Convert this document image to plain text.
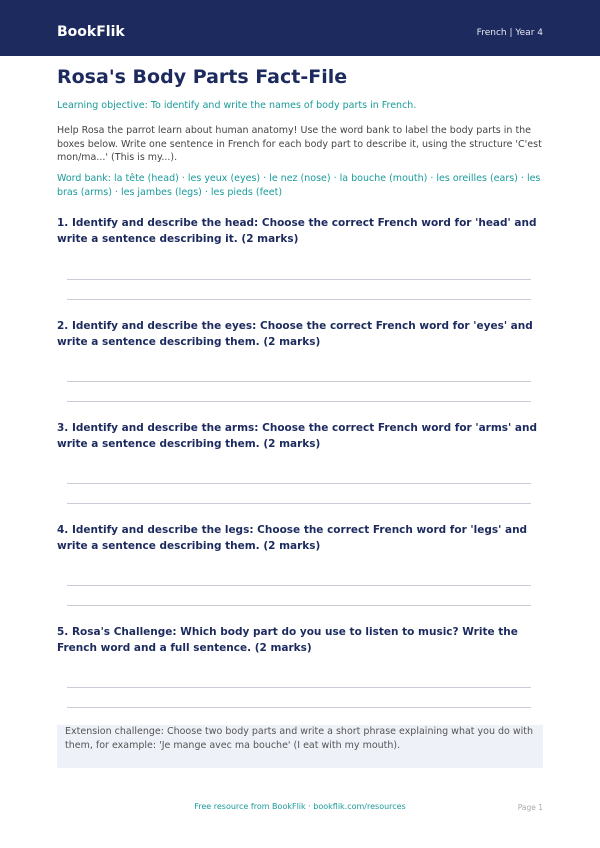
BookFlik	French | Year 4
Rosa's Body Parts Fact-File
Learning objective: To identify and write the names of body parts in French.
Help Rosa the parrot learn about human anatomy! Use the word bank to label the body parts in the boxes below. Write one sentence in French for each body part to describe it, using the structure 'C'est mon/ma...' (This is my...).
Word bank: la tête (head) · les yeux (eyes) · le nez (nose) · la bouche (mouth) · les oreilles (ears) · les bras (arms) · les jambes (legs) · les pieds (feet)
1. Identify and describe the head: Choose the correct French word for 'head' and write a sentence describing it. (2 marks)
2. Identify and describe the eyes: Choose the correct French word for 'eyes' and write a sentence describing them. (2 marks)
3. Identify and describe the arms: Choose the correct French word for 'arms' and write a sentence describing them. (2 marks)
4. Identify and describe the legs: Choose the correct French word for 'legs' and write a sentence describing them. (2 marks)
5. Rosa's Challenge: Which body part do you use to listen to music? Write the French word and a full sentence. (2 marks)
Extension challenge: Choose two body parts and write a short phrase explaining what you do with them, for example: 'Je mange avec ma bouche' (I eat with my mouth).
Free resource from BookFlik · bookflik.com/resources	Page 1
